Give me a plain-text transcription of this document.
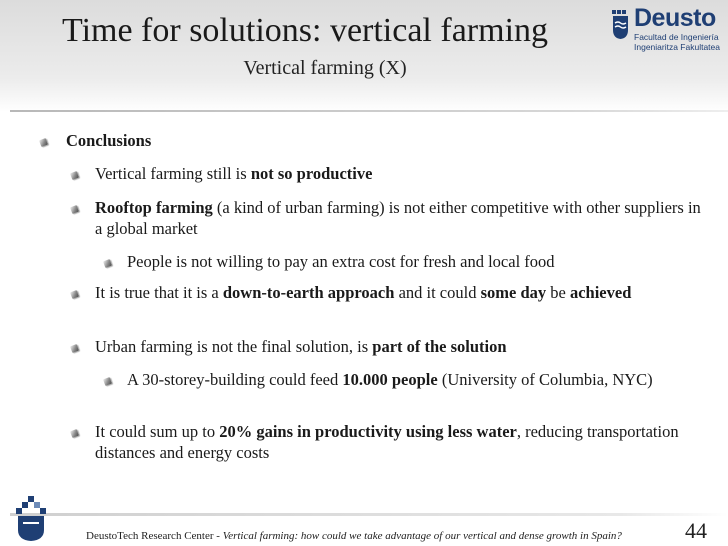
Time for solutions: vertical farming
Vertical farming (X)
Deusto
Facultad de Ingeniería
Ingeniaritza Fakultatea
Conclusions
Vertical farming still is not so productive
Rooftop farming (a kind of urban farming) is not either competitive with other suppliers in a global market
People is not willing to pay an extra cost for fresh and local food
It is true that it is a down-to-earth approach and it could some day be achieved
Urban farming is not the final solution, is part of the solution
A 30-storey-building could feed 10.000 people (University of Columbia, NYC)
It could sum up to 20% gains in productivity using less water, reducing transportation distances and energy costs
DeustoTech Research Center - Vertical farming: how could we take advantage of our vertical and dense growth in Spain?	44
